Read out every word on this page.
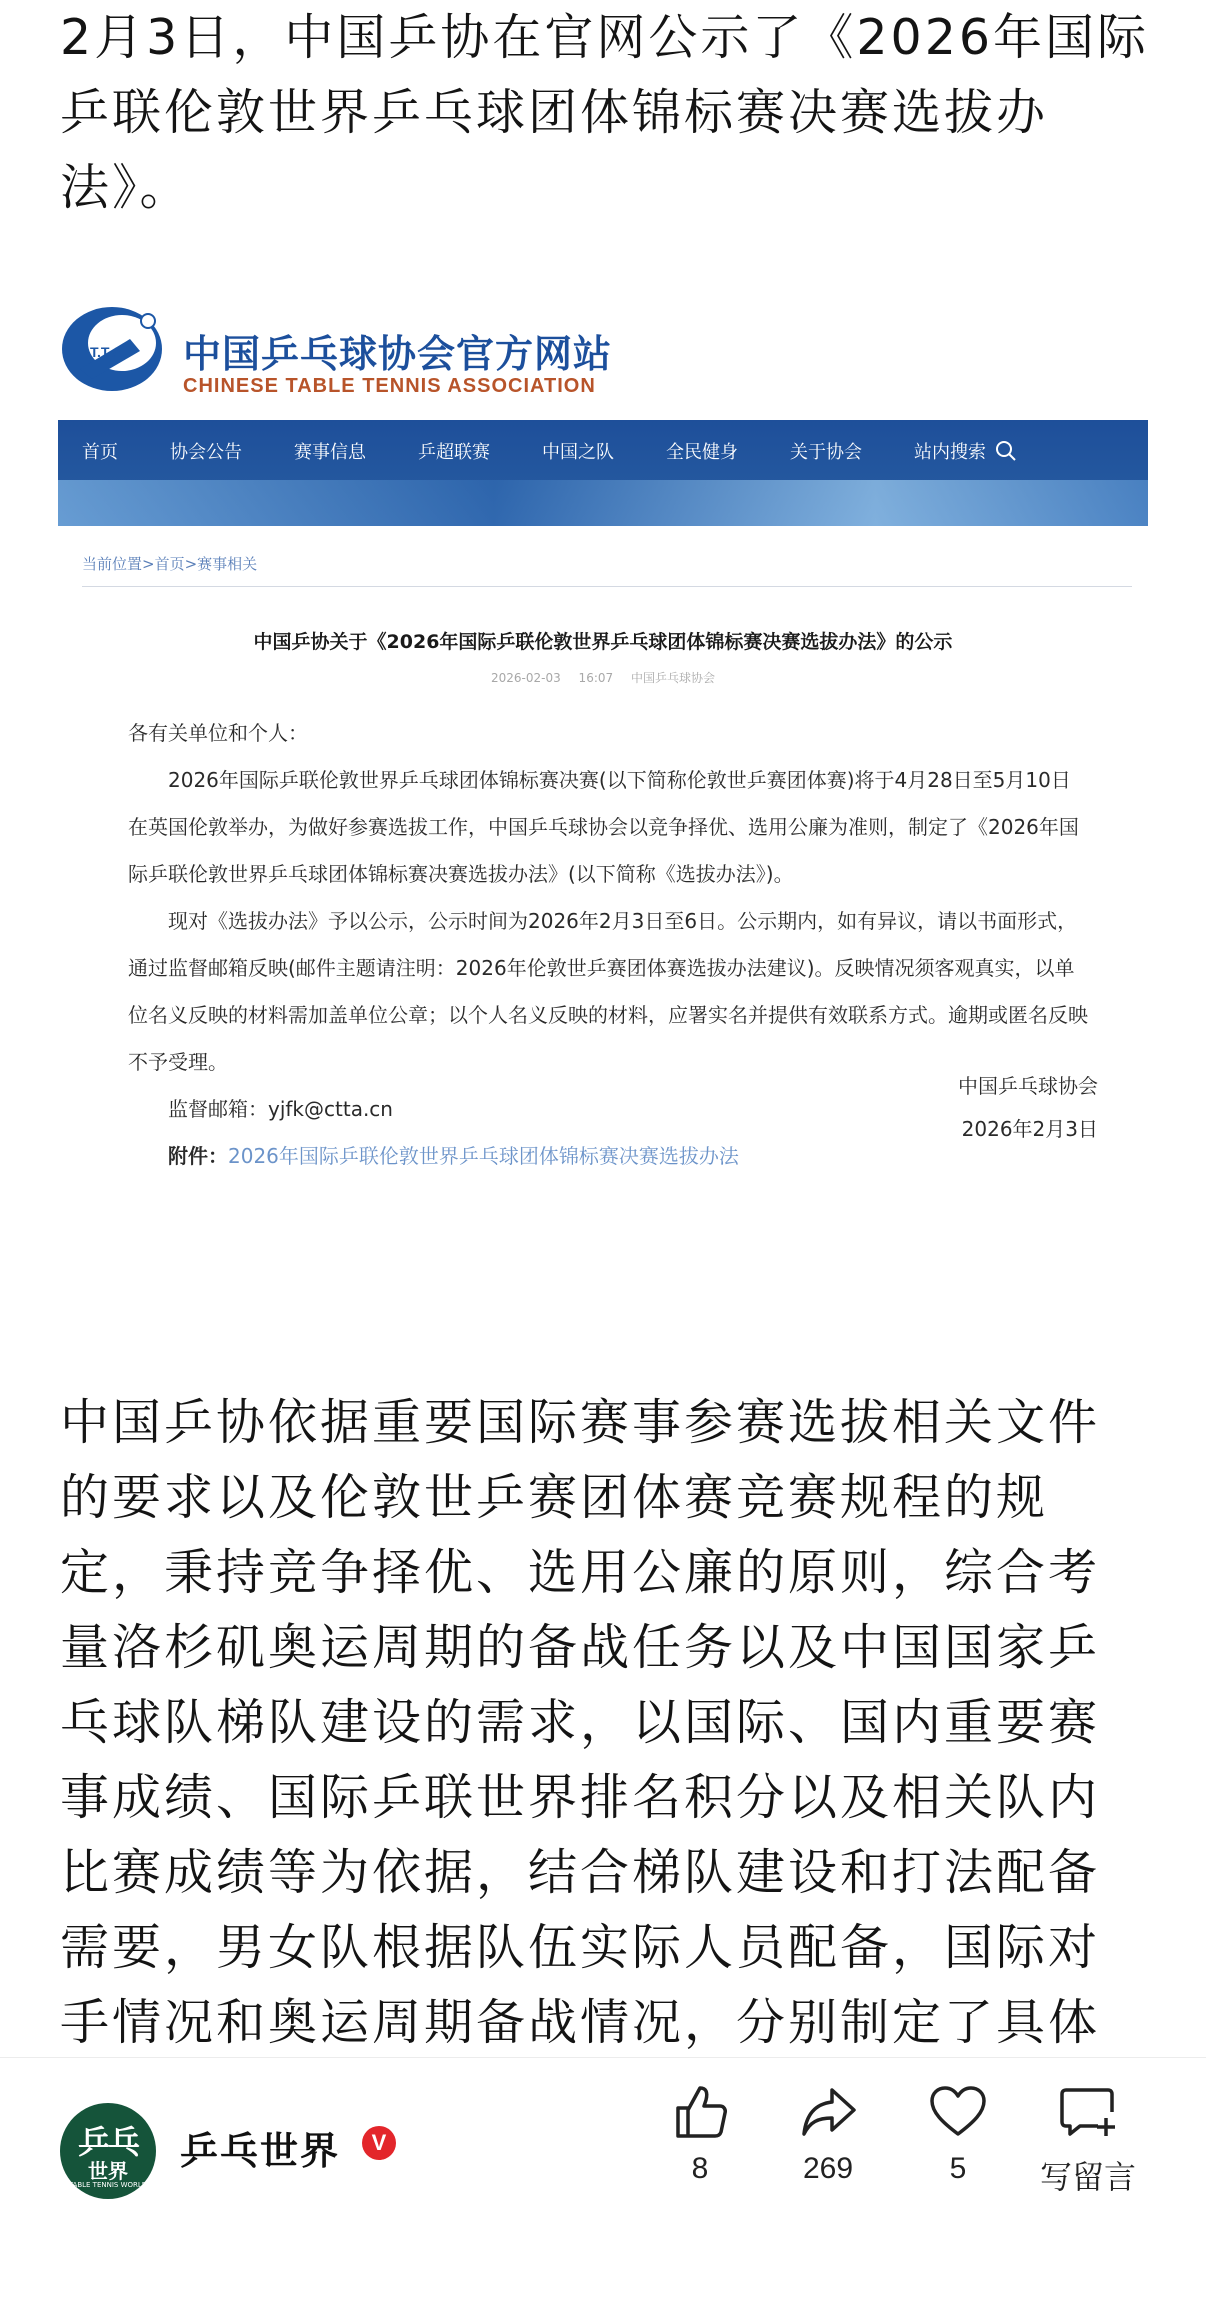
2月3日，中国乒协在官网公示了《2026年国际乒联伦敦世界乒乓球团体锦标赛决赛选拔办法》。
T.T.A 中国乒乓球协会官方网站
CHINESE TABLE TENNIS ASSOCIATION
首页	协会公告	赛事信息	乒超联赛	中国之队	全民健身	关于协会	站内搜索
当前位置>首页>赛事相关
中国乒协关于《2026年国际乒联伦敦世界乒乓球团体锦标赛决赛选拔办法》的公示
2026-02-03 16:07 中国乒乓球协会

各有关单位和个人：

2026年国际乒联伦敦世界乒乓球团体锦标赛决赛(以下简称伦敦世乒赛团体赛)将于4月28日至5月10日在英国伦敦举办，为做好参赛选拔工作，中国乒乓球协会以竞争择优、选用公廉为准则，制定了《2026年国际乒联伦敦世界乒乓球团体锦标赛决赛选拔办法》(以下简称《选拔办法》)。

现对《选拔办法》予以公示，公示时间为2026年2月3日至6日。公示期内，如有异议，请以书面形式，通过监督邮箱反映(邮件主题请注明：2026年伦敦世乒赛团体赛选拔办法建议)。反映情况须客观真实，以单位名义反映的材料需加盖单位公章；以个人名义反映的材料，应署实名并提供有效联系方式。逾期或匿名反映不予受理。

监督邮箱：yjfk@ctta.cn

附件：2026年国际乒联伦敦世界乒乓球团体锦标赛决赛选拔办法

中国乒乓球协会
2026年2月3日
中国乒协依据重要国际赛事参赛选拔相关文件的要求以及伦敦世乒赛团体赛竞赛规程的规定，秉持竞争择优、选用公廉的原则，综合考量洛杉矶奥运周期的备战任务以及中国国家乒乓球队梯队建设的需求，以国际、国内重要赛事成绩、国际乒联世界排名积分以及相关队内比赛成绩等为依据，结合梯队建设和打法配备需要，男女队根据队伍实际人员配备，国际对手情况和奥运周期备战情况，分别制定了具体
乒乓
世界
TABLE TENNIS WORLD
乒乓世界	V
8	269	5	写留言
